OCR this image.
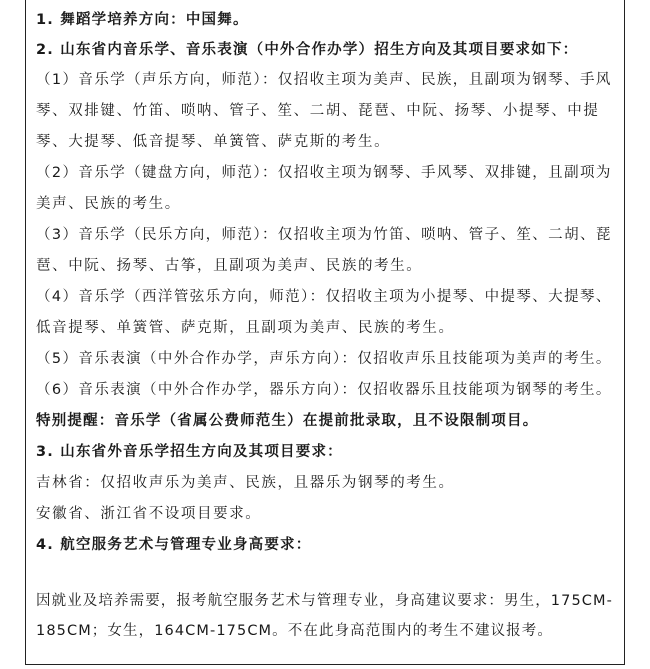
1. 舞蹈学培养方向：中国舞。
2. 山东省内音乐学、音乐表演（中外合作办学）招生方向及其项目要求如下：
（1）音乐学（声乐方向，师范）：仅招收主项为美声、民族，且副项为钢琴、手风
琴、双排键、竹笛、唢呐、管子、笙、二胡、琵琶、中阮、扬琴、小提琴、中提
琴、大提琴、低音提琴、单簧管、萨克斯的考生。
（2）音乐学（键盘方向，师范）：仅招收主项为钢琴、手风琴、双排键，且副项为
美声、民族的考生。
（3）音乐学（民乐方向，师范）：仅招收主项为竹笛、唢呐、管子、笙、二胡、琵
琶、中阮、扬琴、古筝，且副项为美声、民族的考生。
（4）音乐学（西洋管弦乐方向，师范）：仅招收主项为小提琴、中提琴、大提琴、
低音提琴、单簧管、萨克斯，且副项为美声、民族的考生。
（5）音乐表演（中外合作办学，声乐方向）：仅招收声乐且技能项为美声的考生。
（6）音乐表演（中外合作办学，器乐方向）：仅招收器乐且技能项为钢琴的考生。
特别提醒：音乐学（省属公费师范生）在提前批录取，且不设限制项目。
3. 山东省外音乐学招生方向及其项目要求：
吉林省：仅招收声乐为美声、民族，且器乐为钢琴的考生。
安徽省、浙江省不设项目要求。
4. 航空服务艺术与管理专业身高要求：
因就业及培养需要，报考航空服务艺术与管理专业，身高建议要求：男生，175CM-
185CM；女生，164CM-175CM。不在此身高范围内的考生不建议报考。
